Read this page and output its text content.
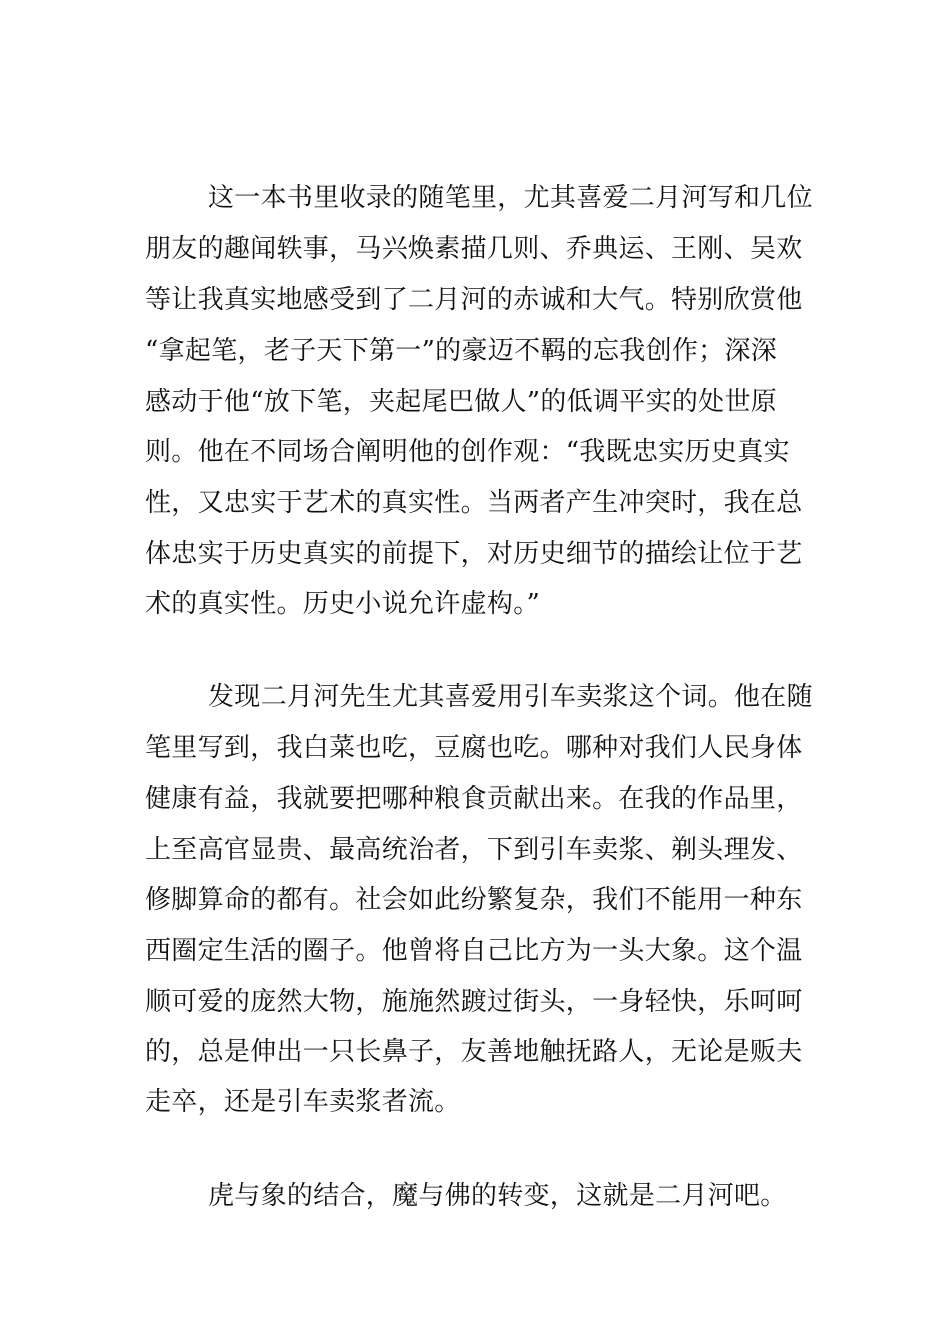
这一本书里收录的随笔里，尤其喜爱二月河写和几位
朋友的趣闻轶事，马兴焕素描几则、乔典运、王刚、吴欢
等让我真实地感受到了二月河的赤诚和大气。特别欣赏他
“拿起笔，老子天下第一”的豪迈不羁的忘我创作；深深
感动于他“放下笔，夹起尾巴做人”的低调平实的处世原
则。他在不同场合阐明他的创作观：“我既忠实历史真实
性，又忠实于艺术的真实性。当两者产生冲突时，我在总
体忠实于历史真实的前提下，对历史细节的描绘让位于艺
术的真实性。历史小说允许虚构。”
发现二月河先生尤其喜爱用引车卖浆这个词。他在随
笔里写到，我白菜也吃，豆腐也吃。哪种对我们人民身体
健康有益，我就要把哪种粮食贡献出来。在我的作品里，
上至高官显贵、最高统治者，下到引车卖浆、剃头理发、
修脚算命的都有。社会如此纷繁复杂，我们不能用一种东
西圈定生活的圈子。他曾将自己比方为一头大象。这个温
顺可爱的庞然大物，施施然踱过街头，一身轻快，乐呵呵
的，总是伸出一只长鼻子，友善地触抚路人，无论是贩夫
走卒，还是引车卖浆者流。
虎与象的结合，魔与佛的转变，这就是二月河吧。
